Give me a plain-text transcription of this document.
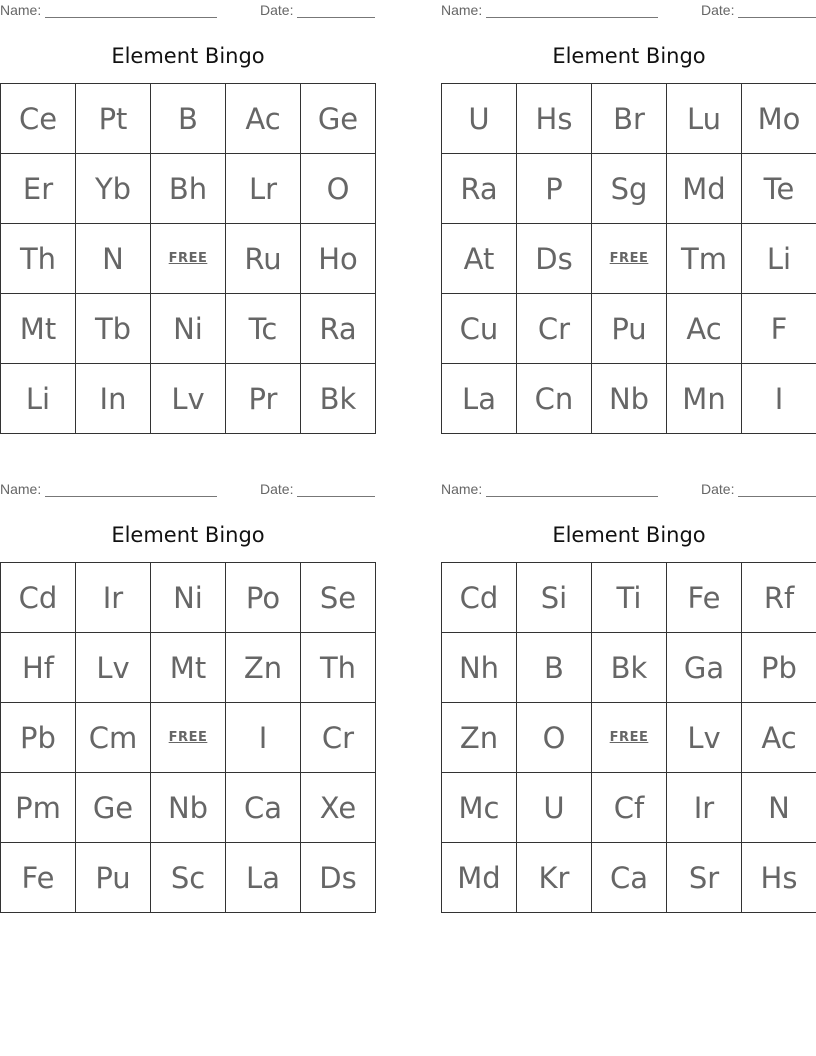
Name:	Date:
Element Bingo
Ce	Pt	B	Ac	Ge
Er	Yb	Bh	Lr	O
Th	N	FREE	Ru	Ho
Mt	Tb	Ni	Tc	Ra
Li	In	Lv	Pr	Bk
Name:	Date:
Element Bingo
U	Hs	Br	Lu	Mo
Ra	P	Sg	Md	Te
At	Ds	FREE	Tm	Li
Cu	Cr	Pu	Ac	F
La	Cn	Nb	Mn	I
Name:	Date:
Element Bingo
Cd	Ir	Ni	Po	Se
Hf	Lv	Mt	Zn	Th
Pb	Cm	FREE	I	Cr
Pm	Ge	Nb	Ca	Xe
Fe	Pu	Sc	La	Ds
Name:	Date:
Element Bingo
Cd	Si	Ti	Fe	Rf
Nh	B	Bk	Ga	Pb
Zn	O	FREE	Lv	Ac
Mc	U	Cf	Ir	N
Md	Kr	Ca	Sr	Hs
